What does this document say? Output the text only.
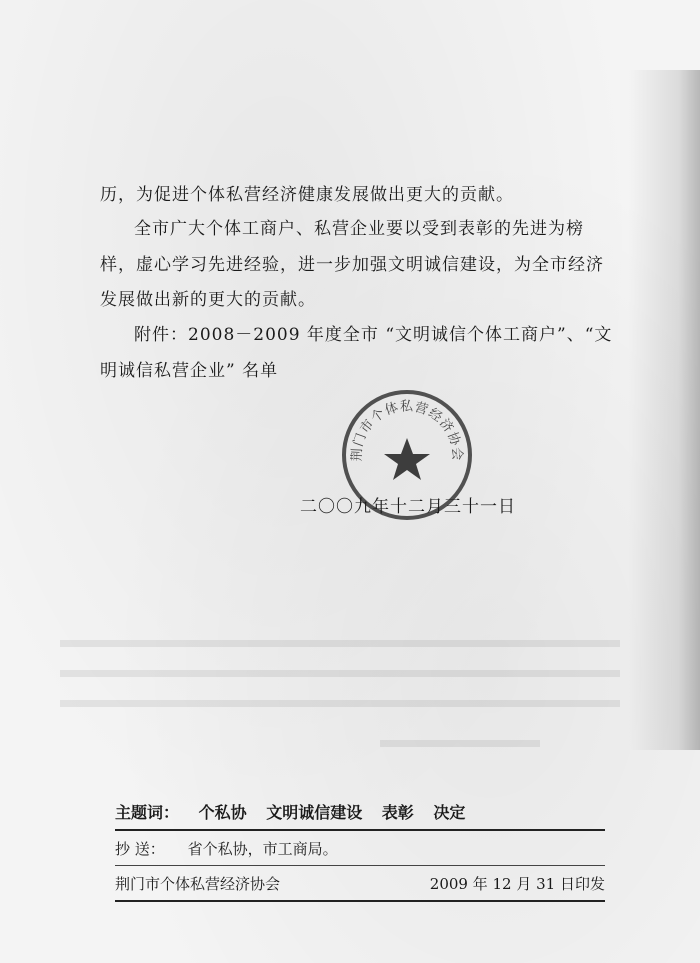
历，为促进个体私营经济健康发展做出更大的贡献。
全市广大个体工商户、私营企业要以受到表彰的先进为榜
样，虚心学习先进经验，进一步加强文明诚信建设，为全市经济
发展做出新的更大的贡献。
附件：2008－2009 年度全市 “文明诚信个体工商户”、“文
明诚信私营企业” 名单
荆门市个体私营经济协会
二〇〇九年十二月三十一日
主题词： 个私协 文明诚信建设 表彰 决定
抄 送： 省个私协，市工商局。
荆门市个体私营经济协会	2009 年 12 月 31 日印发
